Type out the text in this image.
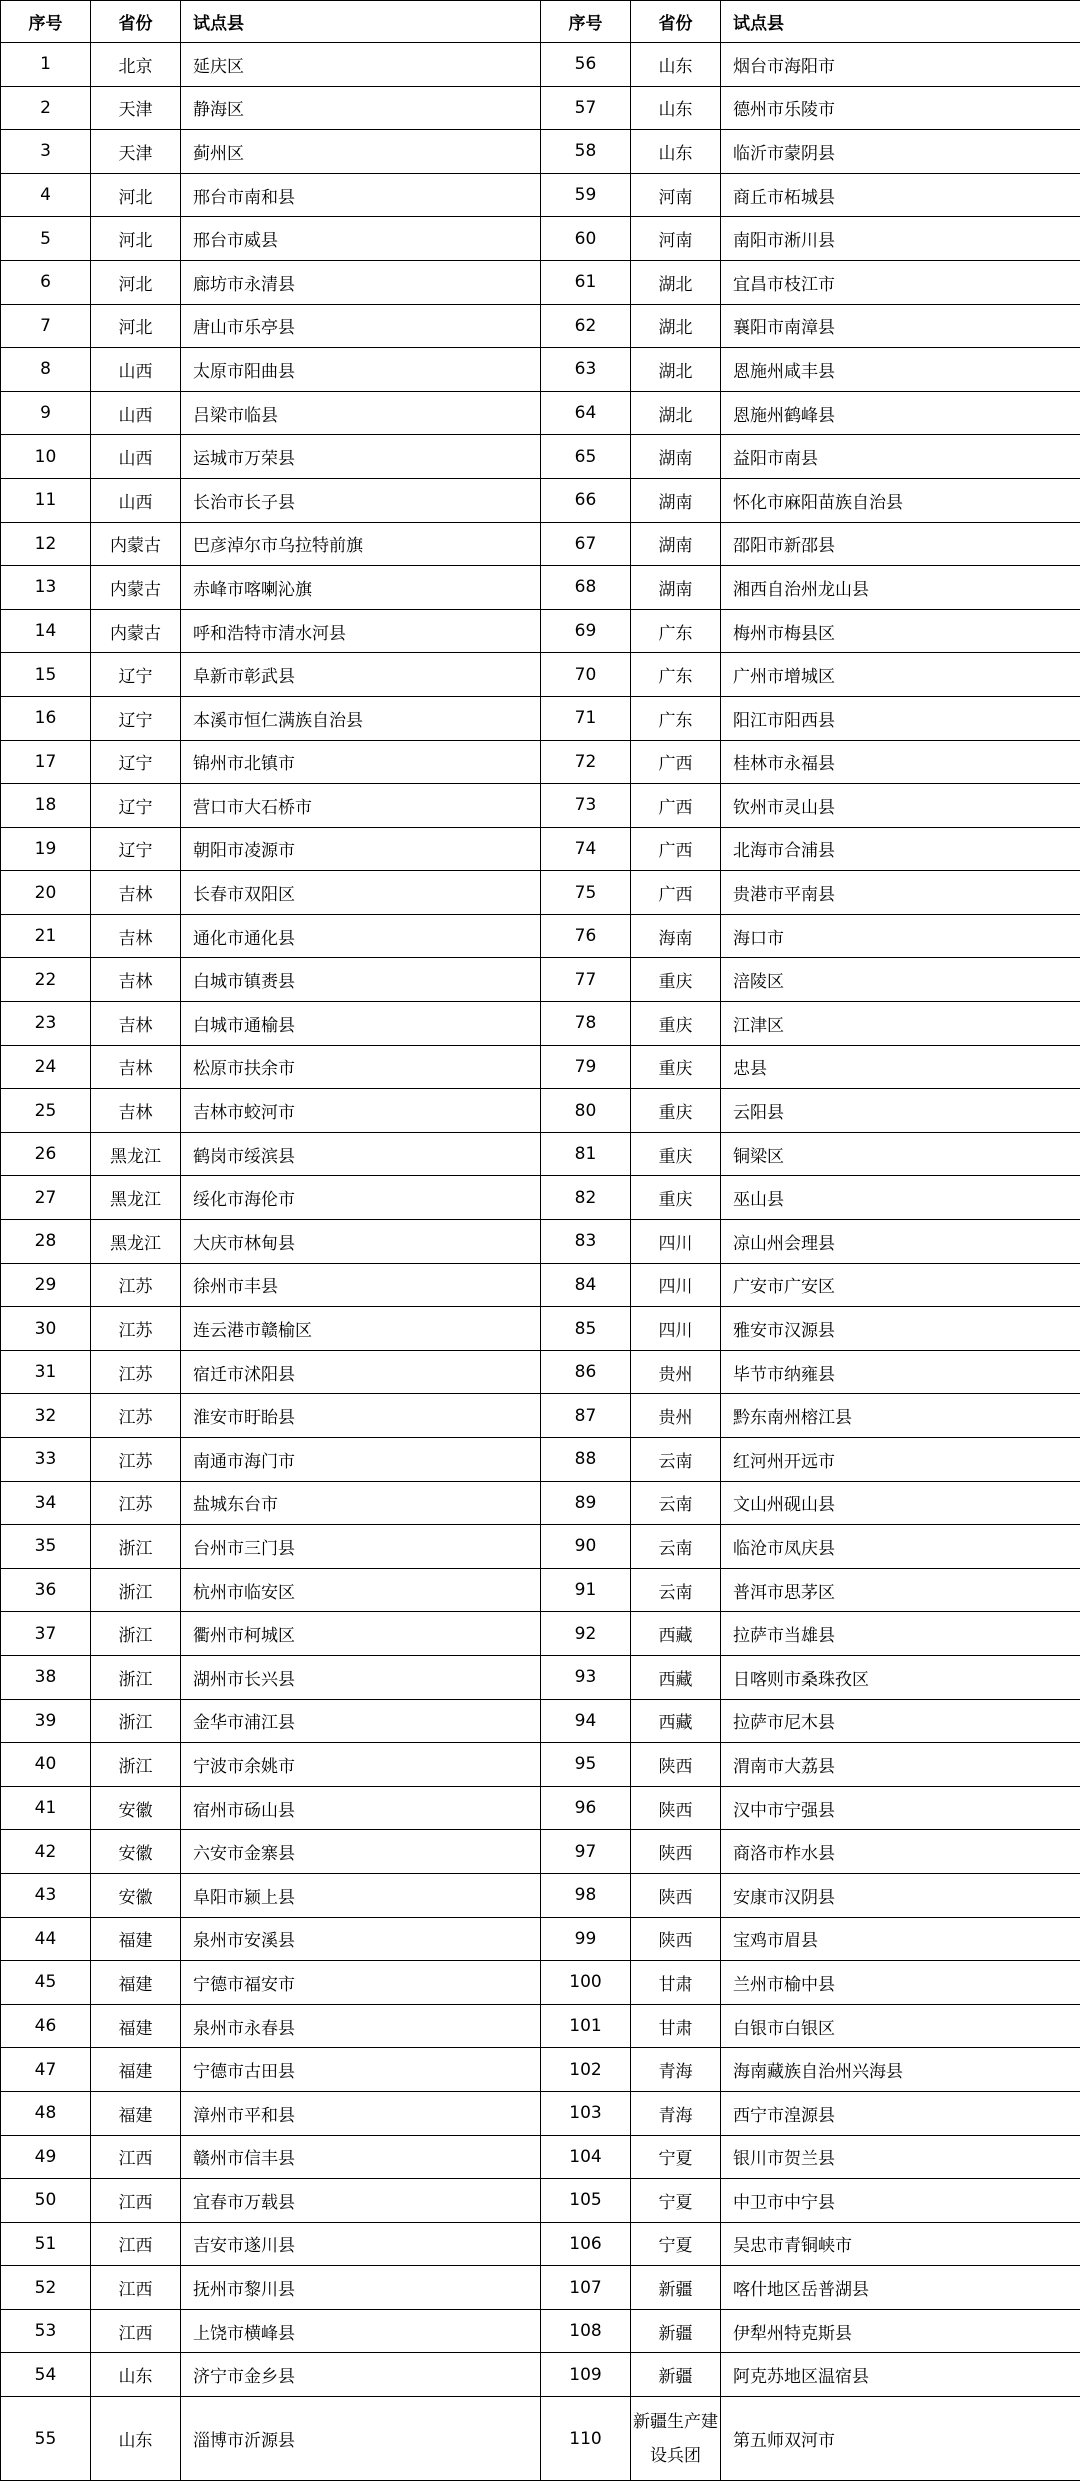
序号	省份	试点县	序号	省份	试点县
1	北京	延庆区	56	山东	烟台市海阳市
2	天津	静海区	57	山东	德州市乐陵市
3	天津	蓟州区	58	山东	临沂市蒙阴县
4	河北	邢台市南和县	59	河南	商丘市柘城县
5	河北	邢台市威县	60	河南	南阳市淅川县
6	河北	廊坊市永清县	61	湖北	宜昌市枝江市
7	河北	唐山市乐亭县	62	湖北	襄阳市南漳县
8	山西	太原市阳曲县	63	湖北	恩施州咸丰县
9	山西	吕梁市临县	64	湖北	恩施州鹤峰县
10	山西	运城市万荣县	65	湖南	益阳市南县
11	山西	长治市长子县	66	湖南	怀化市麻阳苗族自治县
12	内蒙古	巴彦淖尔市乌拉特前旗	67	湖南	邵阳市新邵县
13	内蒙古	赤峰市喀喇沁旗	68	湖南	湘西自治州龙山县
14	内蒙古	呼和浩特市清水河县	69	广东	梅州市梅县区
15	辽宁	阜新市彰武县	70	广东	广州市增城区
16	辽宁	本溪市恒仁满族自治县	71	广东	阳江市阳西县
17	辽宁	锦州市北镇市	72	广西	桂林市永福县
18	辽宁	营口市大石桥市	73	广西	钦州市灵山县
19	辽宁	朝阳市凌源市	74	广西	北海市合浦县
20	吉林	长春市双阳区	75	广西	贵港市平南县
21	吉林	通化市通化县	76	海南	海口市
22	吉林	白城市镇赉县	77	重庆	涪陵区
23	吉林	白城市通榆县	78	重庆	江津区
24	吉林	松原市扶余市	79	重庆	忠县
25	吉林	吉林市蛟河市	80	重庆	云阳县
26	黑龙江	鹤岗市绥滨县	81	重庆	铜梁区
27	黑龙江	绥化市海伦市	82	重庆	巫山县
28	黑龙江	大庆市林甸县	83	四川	凉山州会理县
29	江苏	徐州市丰县	84	四川	广安市广安区
30	江苏	连云港市赣榆区	85	四川	雅安市汉源县
31	江苏	宿迁市沭阳县	86	贵州	毕节市纳雍县
32	江苏	淮安市盱眙县	87	贵州	黔东南州榕江县
33	江苏	南通市海门市	88	云南	红河州开远市
34	江苏	盐城东台市	89	云南	文山州砚山县
35	浙江	台州市三门县	90	云南	临沧市凤庆县
36	浙江	杭州市临安区	91	云南	普洱市思茅区
37	浙江	衢州市柯城区	92	西藏	拉萨市当雄县
38	浙江	湖州市长兴县	93	西藏	日喀则市桑珠孜区
39	浙江	金华市浦江县	94	西藏	拉萨市尼木县
40	浙江	宁波市余姚市	95	陕西	渭南市大荔县
41	安徽	宿州市砀山县	96	陕西	汉中市宁强县
42	安徽	六安市金寨县	97	陕西	商洛市柞水县
43	安徽	阜阳市颍上县	98	陕西	安康市汉阴县
44	福建	泉州市安溪县	99	陕西	宝鸡市眉县
45	福建	宁德市福安市	100	甘肃	兰州市榆中县
46	福建	泉州市永春县	101	甘肃	白银市白银区
47	福建	宁德市古田县	102	青海	海南藏族自治州兴海县
48	福建	漳州市平和县	103	青海	西宁市湟源县
49	江西	赣州市信丰县	104	宁夏	银川市贺兰县
50	江西	宜春市万载县	105	宁夏	中卫市中宁县
51	江西	吉安市遂川县	106	宁夏	吴忠市青铜峡市
52	江西	抚州市黎川县	107	新疆	喀什地区岳普湖县
53	江西	上饶市横峰县	108	新疆	伊犁州特克斯县
54	山东	济宁市金乡县	109	新疆	阿克苏地区温宿县
55	山东	淄博市沂源县	110	新疆生产建设兵团	第五师双河市
